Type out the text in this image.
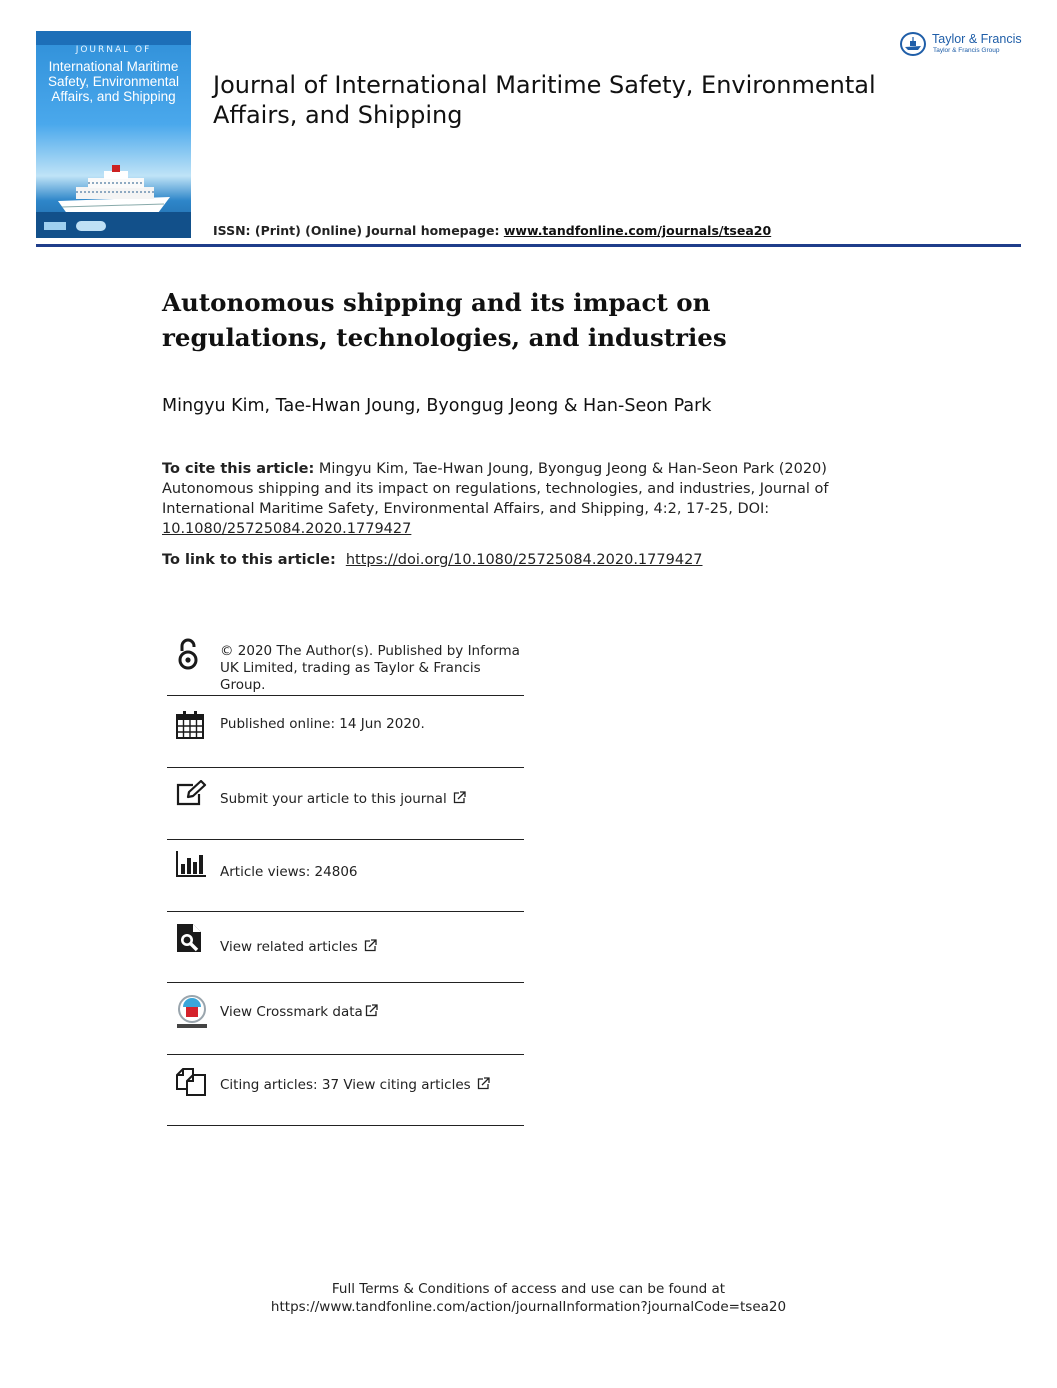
JOURNAL OF
International Maritime Safety, Environmental Affairs, and Shipping
Taylor & Francis
Taylor & Francis Group
Journal of International Maritime Safety, Environmental Affairs, and Shipping
ISSN: (Print) (Online) Journal homepage: www.tandfonline.com/journals/tsea20
Autonomous shipping and its impact on regulations, technologies, and industries
Mingyu Kim, Tae-Hwan Joung, Byongug Jeong & Han-Seon Park
To cite this article: Mingyu Kim, Tae-Hwan Joung, Byongug Jeong & Han-Seon Park (2020) Autonomous shipping and its impact on regulations, technologies, and industries, Journal of International Maritime Safety, Environmental Affairs, and Shipping, 4:2, 17-25, DOI: 10.1080/25725084.2020.1779427
To link to this article: https://doi.org/10.1080/25725084.2020.1779427
© 2020 The Author(s). Published by Informa UK Limited, trading as Taylor & Francis Group.
Published online: 14 Jun 2020.
Submit your article to this journal
Article views: 24806
View related articles
View Crossmark data
Citing articles: 37 View citing articles
Full Terms & Conditions of access and use can be found at
https://www.tandfonline.com/action/journalInformation?journalCode=tsea20
